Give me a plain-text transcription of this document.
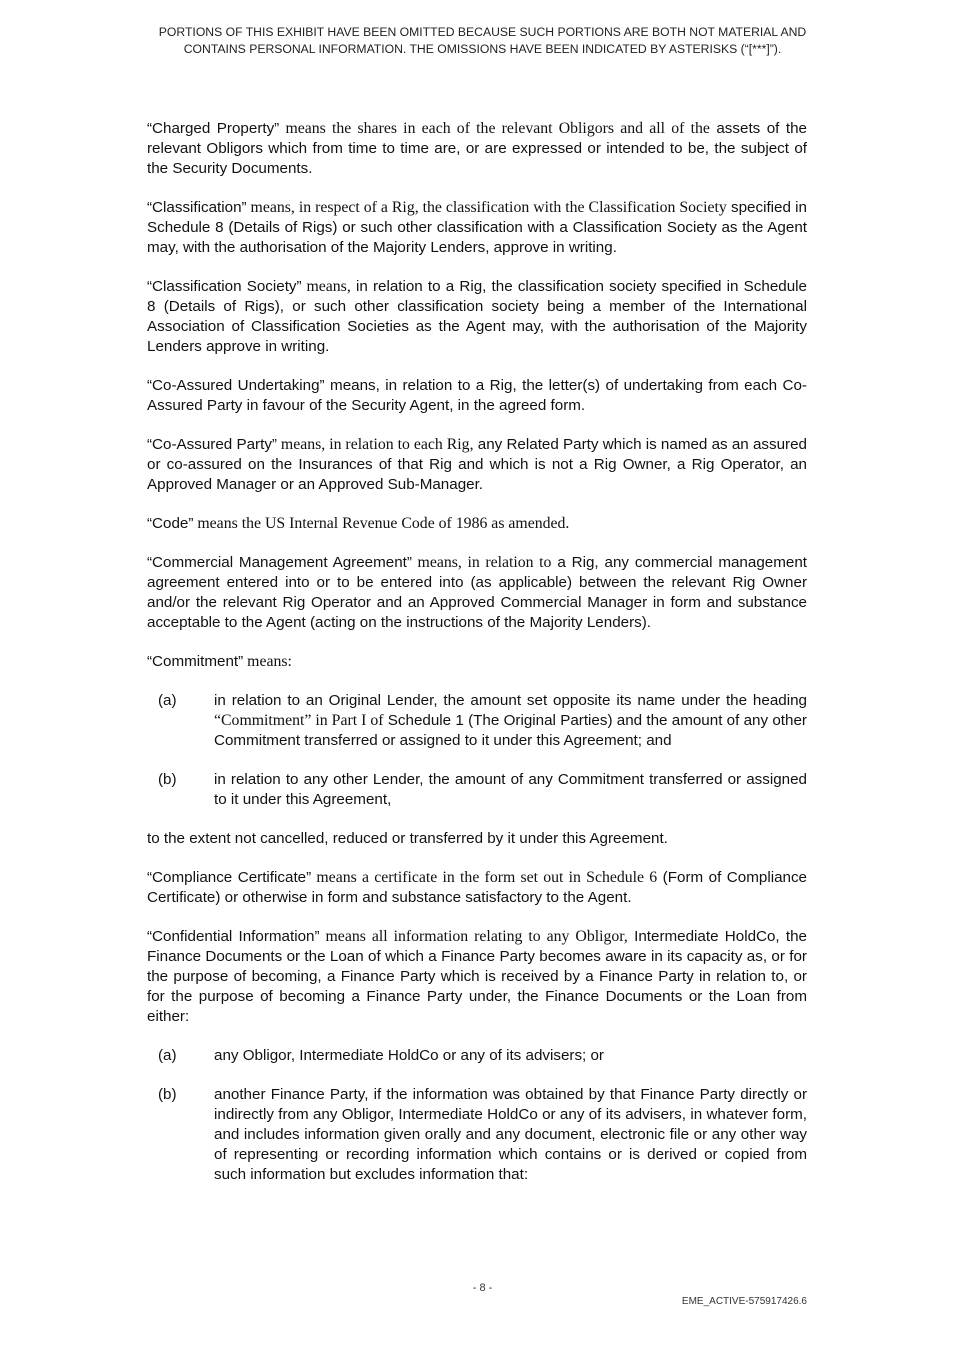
PORTIONS OF THIS EXHIBIT HAVE BEEN OMITTED BECAUSE SUCH PORTIONS ARE BOTH NOT MATERIAL AND
CONTAINS PERSONAL INFORMATION. THE OMISSIONS HAVE BEEN INDICATED BY ASTERISKS (“[***]”).

“Charged Property” means the shares in each of the relevant Obligors and all of the assets of the relevant Obligors which from time to time are, or are expressed or intended to be, the subject of the Security Documents.

“Classification” means, in respect of a Rig, the classification with the Classification Society specified in Schedule 8 (Details of Rigs) or such other classification with a Classification Society as the Agent may, with the authorisation of the Majority Lenders, approve in writing.

“Classification Society” means, in relation to a Rig, the classification society specified in Schedule 8 (Details of Rigs), or such other classification society being a member of the International Association of Classification Societies as the Agent may, with the authorisation of the Majority Lenders approve in writing.

“Co-Assured Undertaking” means, in relation to a Rig, the letter(s) of undertaking from each Co-Assured Party in favour of the Security Agent, in the agreed form.

“Co-Assured Party” means, in relation to each Rig, any Related Party which is named as an assured or co-assured on the Insurances of that Rig and which is not a Rig Owner, a Rig Operator, an Approved Manager or an Approved Sub-Manager.

“Code” means the US Internal Revenue Code of 1986 as amended.

“Commercial Management Agreement” means, in relation to a Rig, any commercial management agreement entered into or to be entered into (as applicable) between the relevant Rig Owner and/or the relevant Rig Operator and an Approved Commercial Manager in form and substance acceptable to the Agent (acting on the instructions of the Majority Lenders).

“Commitment” means:

(a)	in relation to an Original Lender, the amount set opposite its name under the heading “Commitment” in Part I of Schedule 1 (The Original Parties) and the amount of any other Commitment transferred or assigned to it under this Agreement; and
(b)	in relation to any other Lender, the amount of any Commitment transferred or assigned to it under this Agreement,

to the extent not cancelled, reduced or transferred by it under this Agreement.

“Compliance Certificate” means a certificate in the form set out in Schedule 6 (Form of Compliance Certificate) or otherwise in form and substance satisfactory to the Agent.

“Confidential Information” means all information relating to any Obligor, Intermediate HoldCo, the Finance Documents or the Loan of which a Finance Party becomes aware in its capacity as, or for the purpose of becoming, a Finance Party which is received by a Finance Party in relation to, or for the purpose of becoming a Finance Party under, the Finance Documents or the Loan from either:

(a)	any Obligor, Intermediate HoldCo or any of its advisers; or
(b)	another Finance Party, if the information was obtained by that Finance Party directly or indirectly from any Obligor, Intermediate HoldCo or any of its advisers, in whatever form, and includes information given orally and any document, electronic file or any other way of representing or recording information which contains or is derived or copied from such information but excludes information that:
- 8 -
EME_ACTIVE-575917426.6
